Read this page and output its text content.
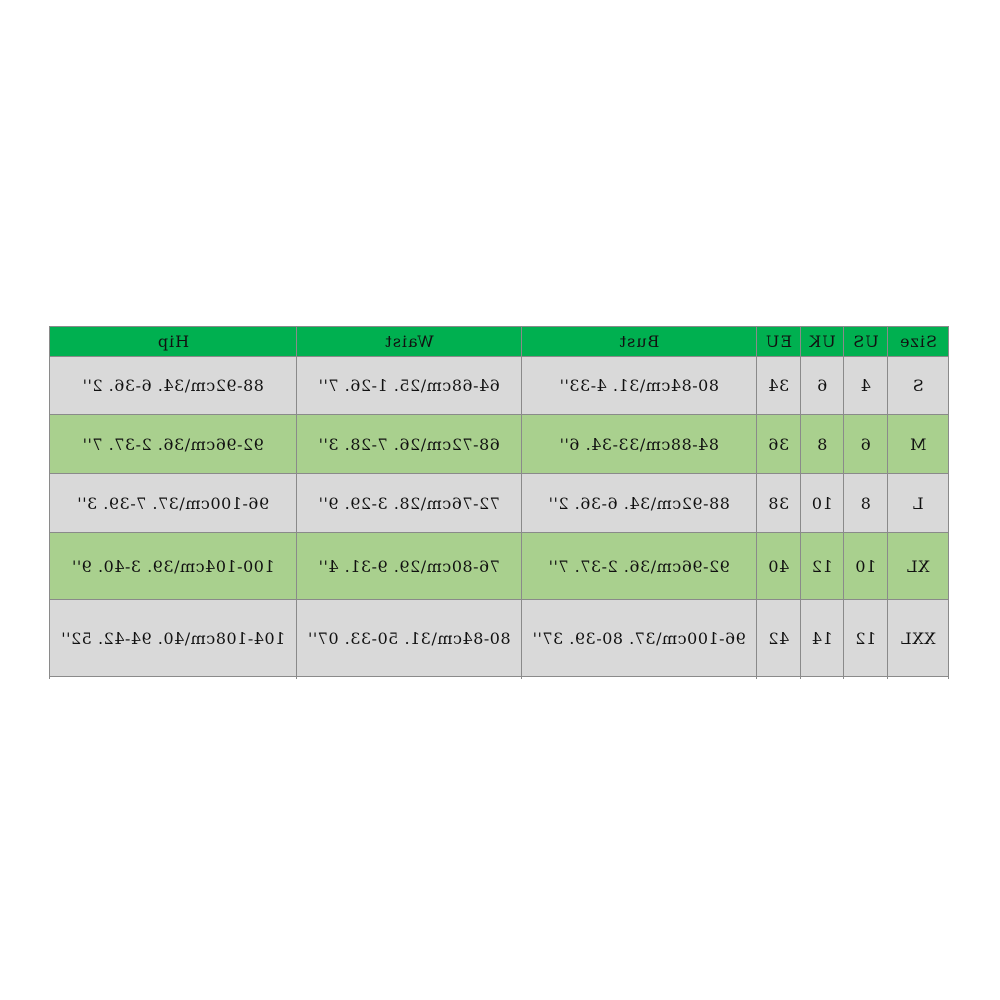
Size	US	UK	EU	Bust	Waist	Hip
S	4	6	34	80-84cm\31. 4-33''	64-68cm\25. 1-26. 7''	88-92cm\34. 6-36. 2''
M	6	8	36	84-88cm\33-34. 6''	68-72cm\26. 7-28. 3''	92-96cm\36. 2-37. 7''
L	8	10	38	88-92cm\34. 6-36. 2''	72-76cm\28. 3-29. 9''	96-100cm\37. 7-39. 3''
XL	10	12	40	92-96cm\36. 2-37. 7''	76-80cm\29. 9-31. 4''	100-104cm\39. 3-40. 9''
XXL	12	14	42	96-100cm\37. 80-39. 37''	80-84cm\31. 50-33. 07''	104-108cm\40. 94-42. 52''
